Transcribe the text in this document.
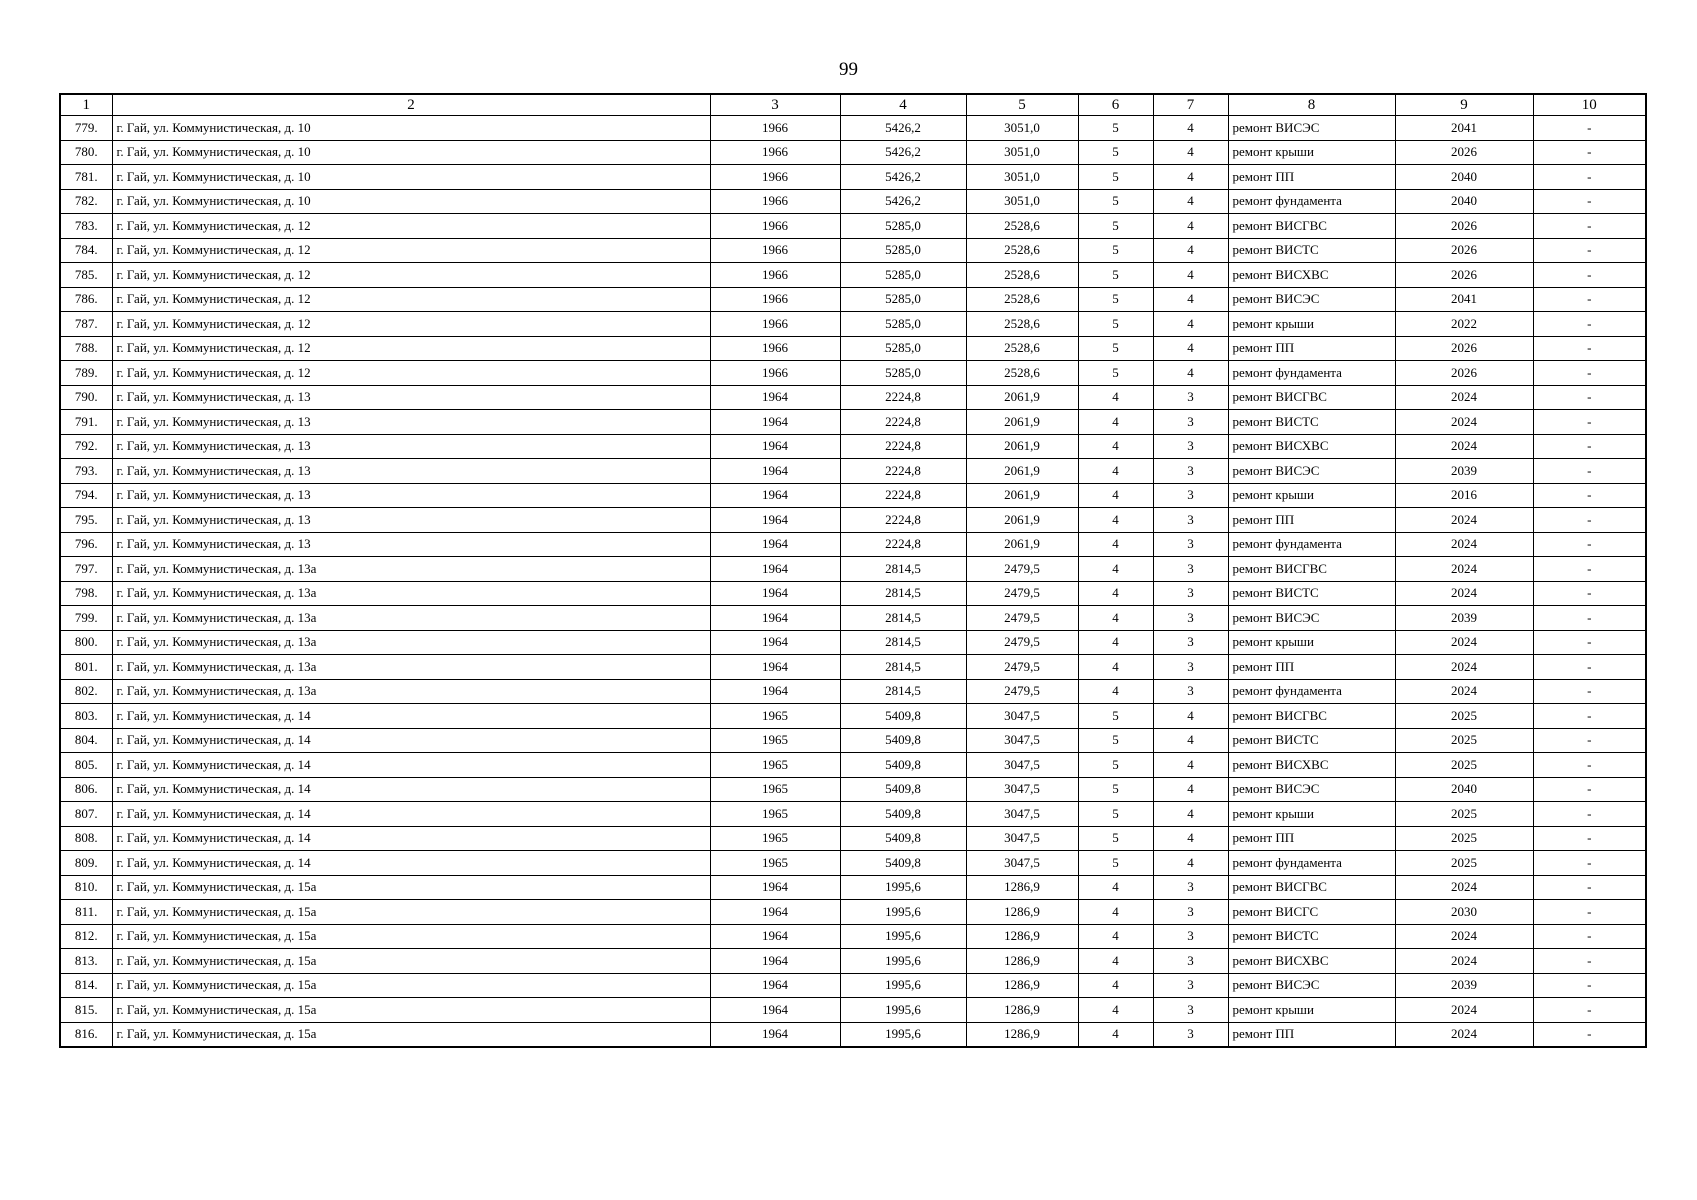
99
1	2	3	4	5	6	7	8	9	10
779.	г. Гай, ул. Коммунистическая, д. 10	1966	5426,2	3051,0	5	4	ремонт ВИСЭС	2041	-
780.	г. Гай, ул. Коммунистическая, д. 10	1966	5426,2	3051,0	5	4	ремонт крыши	2026	-
781.	г. Гай, ул. Коммунистическая, д. 10	1966	5426,2	3051,0	5	4	ремонт ПП	2040	-
782.	г. Гай, ул. Коммунистическая, д. 10	1966	5426,2	3051,0	5	4	ремонт фундамента	2040	-
783.	г. Гай, ул. Коммунистическая, д. 12	1966	5285,0	2528,6	5	4	ремонт ВИСГВС	2026	-
784.	г. Гай, ул. Коммунистическая, д. 12	1966	5285,0	2528,6	5	4	ремонт ВИСТС	2026	-
785.	г. Гай, ул. Коммунистическая, д. 12	1966	5285,0	2528,6	5	4	ремонт ВИСХВС	2026	-
786.	г. Гай, ул. Коммунистическая, д. 12	1966	5285,0	2528,6	5	4	ремонт ВИСЭС	2041	-
787.	г. Гай, ул. Коммунистическая, д. 12	1966	5285,0	2528,6	5	4	ремонт крыши	2022	-
788.	г. Гай, ул. Коммунистическая, д. 12	1966	5285,0	2528,6	5	4	ремонт ПП	2026	-
789.	г. Гай, ул. Коммунистическая, д. 12	1966	5285,0	2528,6	5	4	ремонт фундамента	2026	-
790.	г. Гай, ул. Коммунистическая, д. 13	1964	2224,8	2061,9	4	3	ремонт ВИСГВС	2024	-
791.	г. Гай, ул. Коммунистическая, д. 13	1964	2224,8	2061,9	4	3	ремонт ВИСТС	2024	-
792.	г. Гай, ул. Коммунистическая, д. 13	1964	2224,8	2061,9	4	3	ремонт ВИСХВС	2024	-
793.	г. Гай, ул. Коммунистическая, д. 13	1964	2224,8	2061,9	4	3	ремонт ВИСЭС	2039	-
794.	г. Гай, ул. Коммунистическая, д. 13	1964	2224,8	2061,9	4	3	ремонт крыши	2016	-
795.	г. Гай, ул. Коммунистическая, д. 13	1964	2224,8	2061,9	4	3	ремонт ПП	2024	-
796.	г. Гай, ул. Коммунистическая, д. 13	1964	2224,8	2061,9	4	3	ремонт фундамента	2024	-
797.	г. Гай, ул. Коммунистическая, д. 13а	1964	2814,5	2479,5	4	3	ремонт ВИСГВС	2024	-
798.	г. Гай, ул. Коммунистическая, д. 13а	1964	2814,5	2479,5	4	3	ремонт ВИСТС	2024	-
799.	г. Гай, ул. Коммунистическая, д. 13а	1964	2814,5	2479,5	4	3	ремонт ВИСЭС	2039	-
800.	г. Гай, ул. Коммунистическая, д. 13а	1964	2814,5	2479,5	4	3	ремонт крыши	2024	-
801.	г. Гай, ул. Коммунистическая, д. 13а	1964	2814,5	2479,5	4	3	ремонт ПП	2024	-
802.	г. Гай, ул. Коммунистическая, д. 13а	1964	2814,5	2479,5	4	3	ремонт фундамента	2024	-
803.	г. Гай, ул. Коммунистическая, д. 14	1965	5409,8	3047,5	5	4	ремонт ВИСГВС	2025	-
804.	г. Гай, ул. Коммунистическая, д. 14	1965	5409,8	3047,5	5	4	ремонт ВИСТС	2025	-
805.	г. Гай, ул. Коммунистическая, д. 14	1965	5409,8	3047,5	5	4	ремонт ВИСХВС	2025	-
806.	г. Гай, ул. Коммунистическая, д. 14	1965	5409,8	3047,5	5	4	ремонт ВИСЭС	2040	-
807.	г. Гай, ул. Коммунистическая, д. 14	1965	5409,8	3047,5	5	4	ремонт крыши	2025	-
808.	г. Гай, ул. Коммунистическая, д. 14	1965	5409,8	3047,5	5	4	ремонт ПП	2025	-
809.	г. Гай, ул. Коммунистическая, д. 14	1965	5409,8	3047,5	5	4	ремонт фундамента	2025	-
810.	г. Гай, ул. Коммунистическая, д. 15а	1964	1995,6	1286,9	4	3	ремонт ВИСГВС	2024	-
811.	г. Гай, ул. Коммунистическая, д. 15а	1964	1995,6	1286,9	4	3	ремонт ВИСГС	2030	-
812.	г. Гай, ул. Коммунистическая, д. 15а	1964	1995,6	1286,9	4	3	ремонт ВИСТС	2024	-
813.	г. Гай, ул. Коммунистическая, д. 15а	1964	1995,6	1286,9	4	3	ремонт ВИСХВС	2024	-
814.	г. Гай, ул. Коммунистическая, д. 15а	1964	1995,6	1286,9	4	3	ремонт ВИСЭС	2039	-
815.	г. Гай, ул. Коммунистическая, д. 15а	1964	1995,6	1286,9	4	3	ремонт крыши	2024	-
816.	г. Гай, ул. Коммунистическая, д. 15а	1964	1995,6	1286,9	4	3	ремонт ПП	2024	-
